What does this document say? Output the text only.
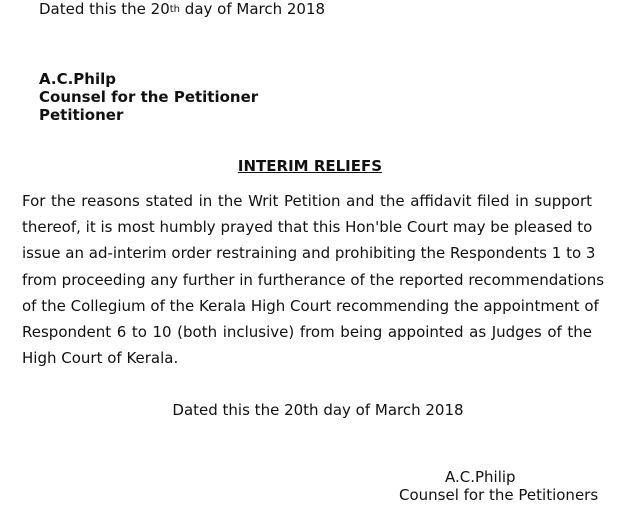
Dated this the 20th day of March 2018
A.C.Philp
Counsel for the Petitioner
Petitioner
INTERIM RELIEFS
For the reasons stated in the Writ Petition and the affidavit filed in support
thereof, it is most humbly prayed that this Hon'ble Court may be pleased to
issue an ad-interim order restraining and prohibiting the Respondents 1 to 3
from proceeding any further in furtherance of the reported recommendations
of the Collegium of the Kerala High Court recommending the appointment of
Respondent 6 to 10 (both inclusive) from being appointed as Judges of the
High Court of Kerala.
Dated this the 20th day of March 2018
A.C.Philip
Counsel for the Petitioners
